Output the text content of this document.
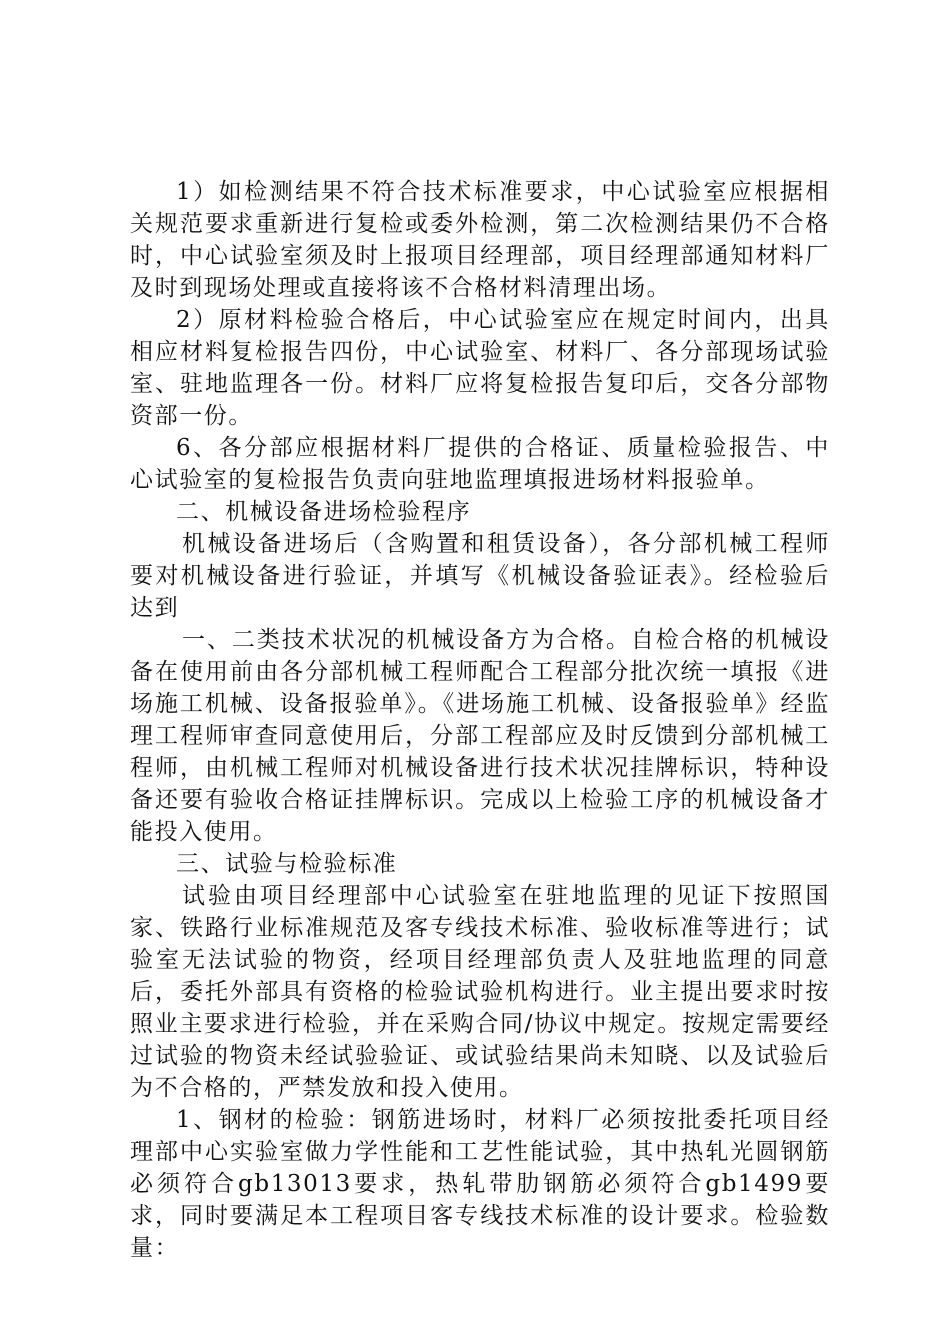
1）如检测结果不符合技术标准要求，中心试验室应根据相关规范要求重新进行复检或委外检测，第二次检测结果仍不合格时，中心试验室须及时上报项目经理部，项目经理部通知材料厂及时到现场处理或直接将该不合格材料清理出场。

2）原材料检验合格后，中心试验室应在规定时间内，出具相应材料复检报告四份，中心试验室、材料厂、各分部现场试验室、驻地监理各一份。材料厂应将复检报告复印后，交各分部物资部一份。

6、各分部应根据材料厂提供的合格证、质量检验报告、中心试验室的复检报告负责向驻地监理填报进场材料报验单。

二、机械设备进场检验程序

机械设备进场后（含购置和租赁设备），各分部机械工程师要对机械设备进行验证，并填写《机械设备验证表》。经检验后达到

一、二类技术状况的机械设备方为合格。自检合格的机械设备在使用前由各分部机械工程师配合工程部分批次统一填报《进场施工机械、设备报验单》。《进场施工机械、设备报验单》经监理工程师审查同意使用后，分部工程部应及时反馈到分部机械工程师，由机械工程师对机械设备进行技术状况挂牌标识，特种设备还要有验收合格证挂牌标识。完成以上检验工序的机械设备才能投入使用。

三、试验与检验标准

试验由项目经理部中心试验室在驻地监理的见证下按照国家、铁路行业标准规范及客专线技术标准、验收标准等进行；试验室无法试验的物资，经项目经理部负责人及驻地监理的同意后，委托外部具有资格的检验试验机构进行。业主提出要求时按照业主要求进行检验，并在采购合同/协议中规定。按规定需要经过试验的物资未经试验验证、或试验结果尚未知晓、以及试验后为不合格的，严禁发放和投入使用。

1、钢材的检验：钢筋进场时，材料厂必须按批委托项目经理部中心实验室做力学性能和工艺性能试验，其中热轧光圆钢筋必须符合gb13013要求，热轧带肋钢筋必须符合gb1499要求，同时要满足本工程项目客专线技术标准的设计要求。检验数量：
